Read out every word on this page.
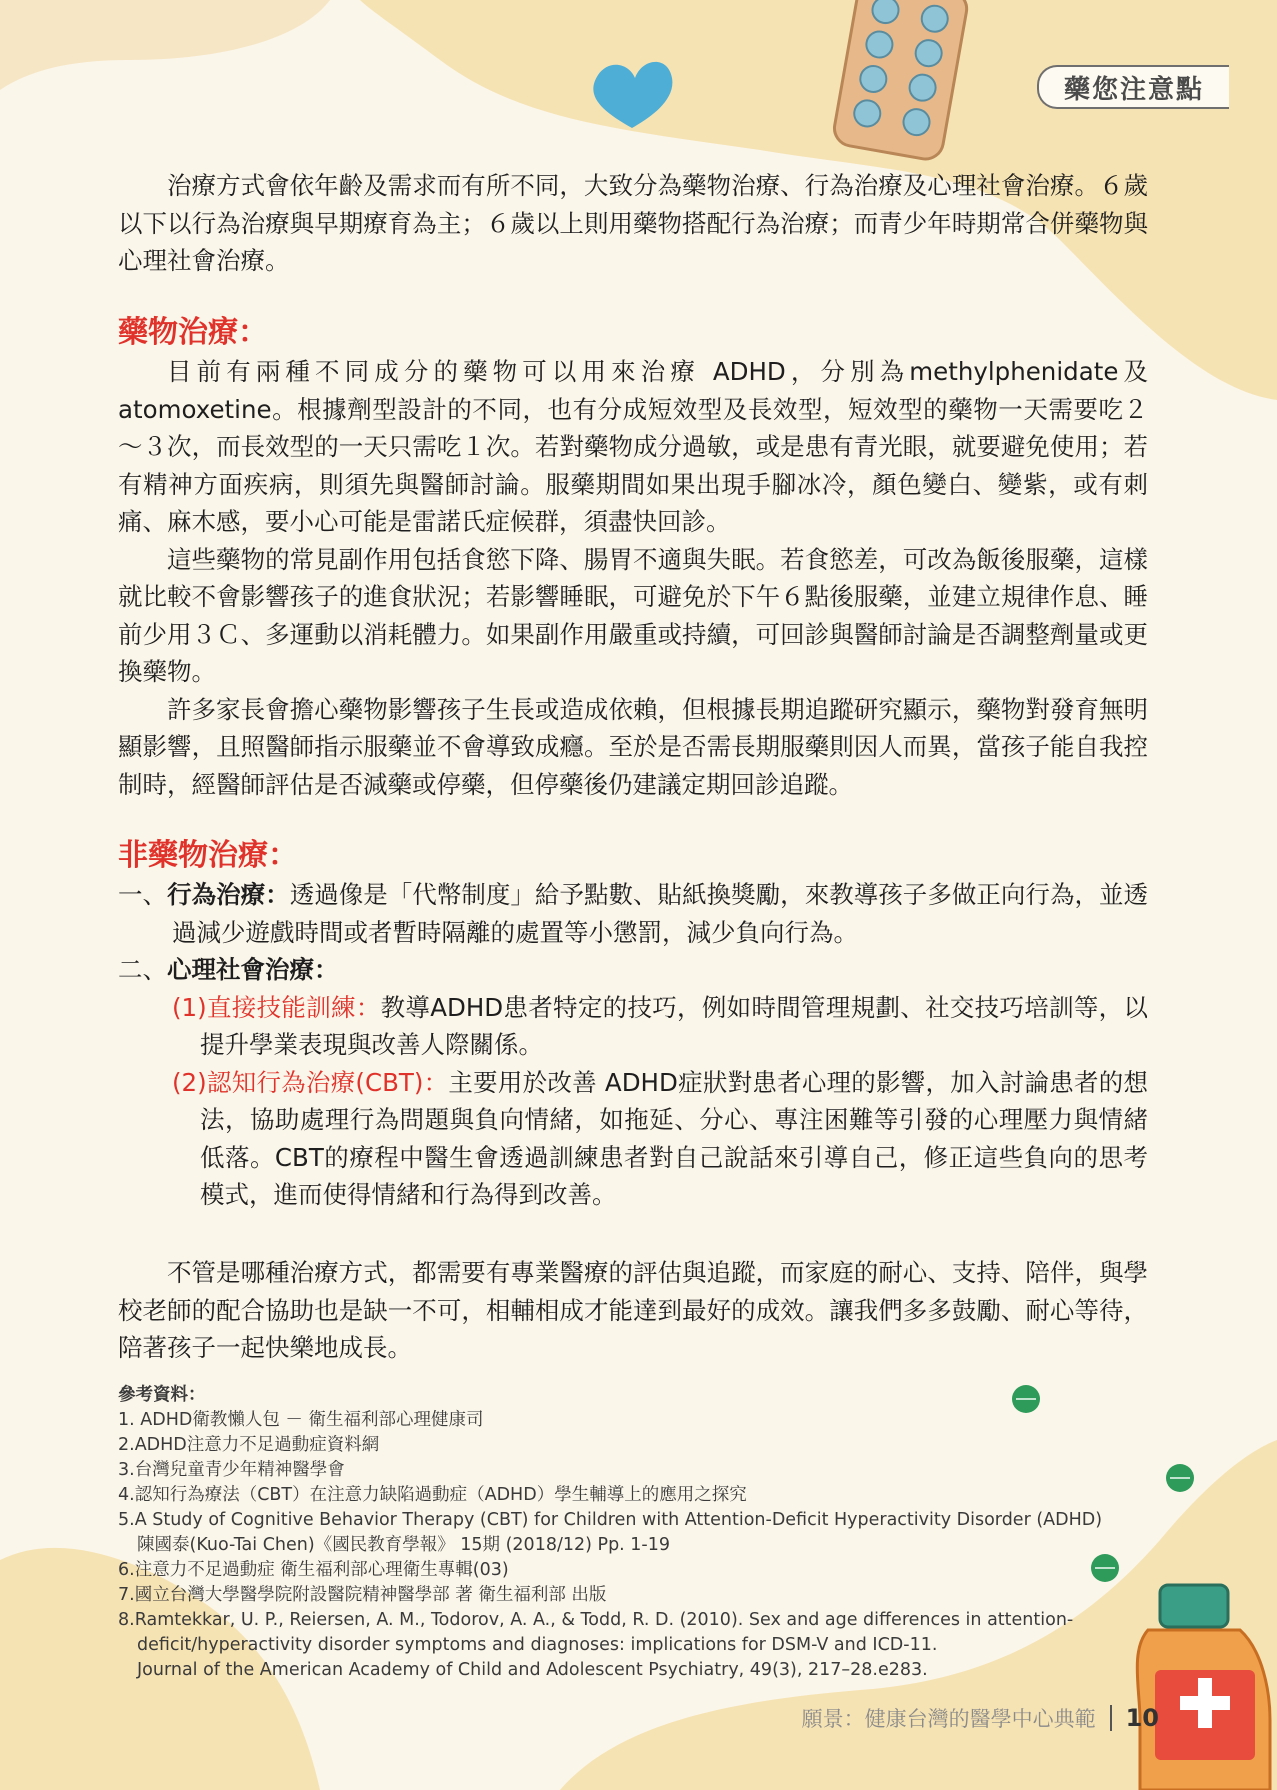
藥您注意點

治療方式會依年齡及需求而有所不同，大致分為藥物治療、行為治療及心理社會治療。６歲以下以行為治療與早期療育為主；６歲以上則用藥物搭配行為治療；而青少年時期常合併藥物與心理社會治療。

藥物治療：

目前有兩種不同成分的藥物可以用來治療 ADHD，分別為methylphenidate及atomoxetine。根據劑型設計的不同，也有分成短效型及長效型，短效型的藥物一天需要吃２～３次，而長效型的一天只需吃１次。若對藥物成分過敏，或是患有青光眼，就要避免使用；若有精神方面疾病，則須先與醫師討論。服藥期間如果出現手腳冰冷，顏色變白、變紫，或有刺痛、麻木感，要小心可能是雷諾氏症候群，須盡快回診。

這些藥物的常見副作用包括食慾下降、腸胃不適與失眠。若食慾差，可改為飯後服藥，這樣就比較不會影響孩子的進食狀況；若影響睡眠，可避免於下午６點後服藥，並建立規律作息、睡前少用３Ｃ、多運動以消耗體力。如果副作用嚴重或持續，可回診與醫師討論是否調整劑量或更換藥物。

許多家長會擔心藥物影響孩子生長或造成依賴，但根據長期追蹤研究顯示，藥物對發育無明顯影響，且照醫師指示服藥並不會導致成癮。至於是否需長期服藥則因人而異，當孩子能自我控制時，經醫師評估是否減藥或停藥，但停藥後仍建議定期回診追蹤。

非藥物治療：

一、行為治療：透過像是「代幣制度」給予點數、貼紙換獎勵，來教導孩子多做正向行為，並透過減少遊戲時間或者暫時隔離的處置等小懲罰，減少負向行為。

二、心理社會治療：

(1)直接技能訓練：教導ADHD患者特定的技巧，例如時間管理規劃、社交技巧培訓等，以提升學業表現與改善人際關係。

(2)認知行為治療(CBT)：主要用於改善 ADHD症狀對患者心理的影響，加入討論患者的想法，協助處理行為問題與負向情緒，如拖延、分心、專注困難等引發的心理壓力與情緒低落。CBT的療程中醫生會透過訓練患者對自己說話來引導自己，修正這些負向的思考模式，進而使得情緒和行為得到改善。

不管是哪種治療方式，都需要有專業醫療的評估與追蹤，而家庭的耐心、支持、陪伴，與學校老師的配合協助也是缺一不可，相輔相成才能達到最好的成效。讓我們多多鼓勵、耐心等待，陪著孩子一起快樂地成長。

參考資料：
1. ADHD衛教懶人包 － 衛生福利部心理健康司
2.ADHD注意力不足過動症資料網
3.台灣兒童青少年精神醫學會
4.認知行為療法（CBT）在注意力缺陷過動症（ADHD）學生輔導上的應用之探究
5.A Study of Cognitive Behavior Therapy (CBT) for Children with Attention-Deficit Hyperactivity Disorder (ADHD)
陳國泰(Kuo-Tai Chen)《國民教育學報》 15期 (2018/12) Pp. 1-19
6.注意力不足過動症 衛生福利部心理衛生專輯(03)
7.國立台灣大學醫學院附設醫院精神醫學部 著 衛生福利部 出版
8.Ramtekkar, U. P., Reiersen, A. M., Todorov, A. A., & Todd, R. D. (2010). Sex and age differences in attention-
deficit/hyperactivity disorder symptoms and diagnoses: implications for DSM-V and ICD-11.
Journal of the American Academy of Child and Adolescent Psychiatry, 49(3), 217–28.e283.
願景：健康台灣的醫學中心典範 10
